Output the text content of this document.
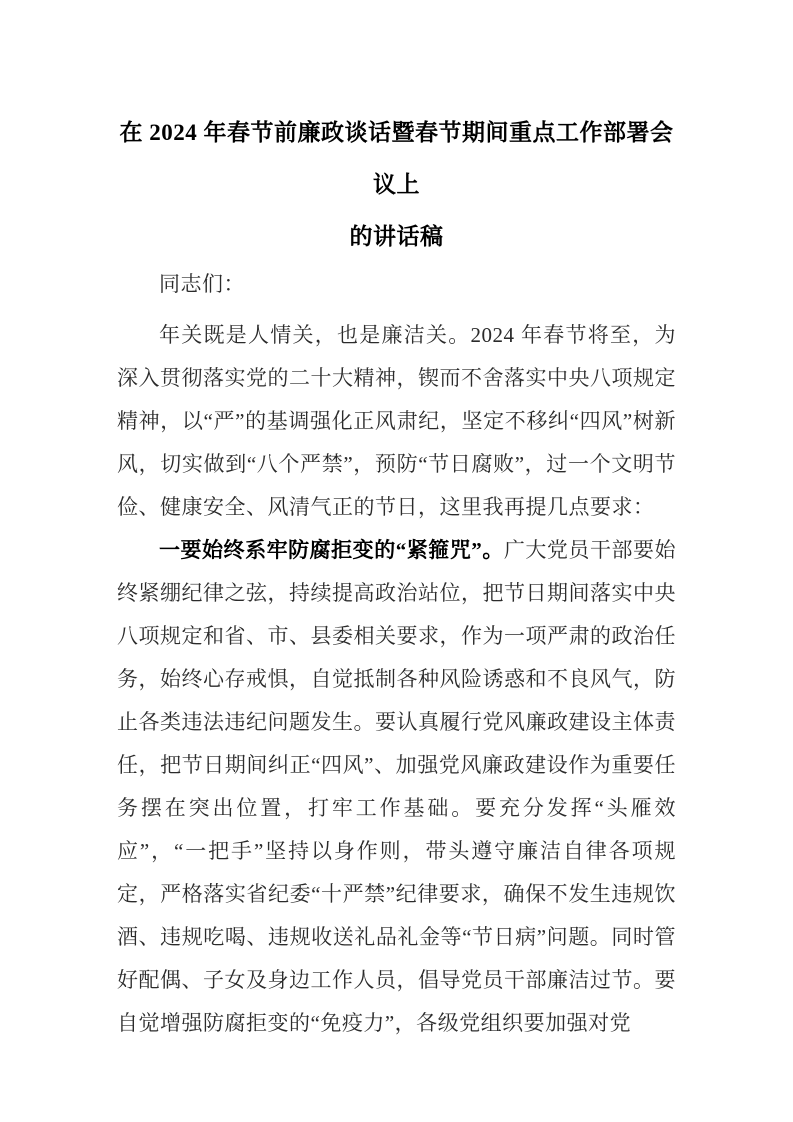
在 2024 年春节前廉政谈话暨春节期间重点工作部署会议上
的讲话稿

同志们：

年关既是人情关，也是廉洁关。2024 年春节将至，为深入贯彻落实党的二十大精神，锲而不舍落实中央八项规定精神，以“严”的基调强化正风肃纪，坚定不移纠“四风”树新风，切实做到“八个严禁”，预防“节日腐败”，过一个文明节俭、健康安全、风清气正的节日，这里我再提几点要求：

一要始终系牢防腐拒变的“紧箍咒”。广大党员干部要始终紧绷纪律之弦，持续提高政治站位，把节日期间落实中央八项规定和省、市、县委相关要求，作为一项严肃的政治任务，始终心存戒惧，自觉抵制各种风险诱惑和不良风气，防止各类违法违纪问题发生。要认真履行党风廉政建设主体责任，把节日期间纠正“四风”、加强党风廉政建设作为重要任务摆在突出位置，打牢工作基础。要充分发挥“头雁效应”，“一把手”坚持以身作则，带头遵守廉洁自律各项规定，严格落实省纪委“十严禁”纪律要求，确保不发生违规饮酒、违规吃喝、违规收送礼品礼金等“节日病”问题。同时管好配偶、子女及身边工作人员，倡导党员干部廉洁过节。要自觉增强防腐拒变的“免疫力”，各级党组织要加强对党
